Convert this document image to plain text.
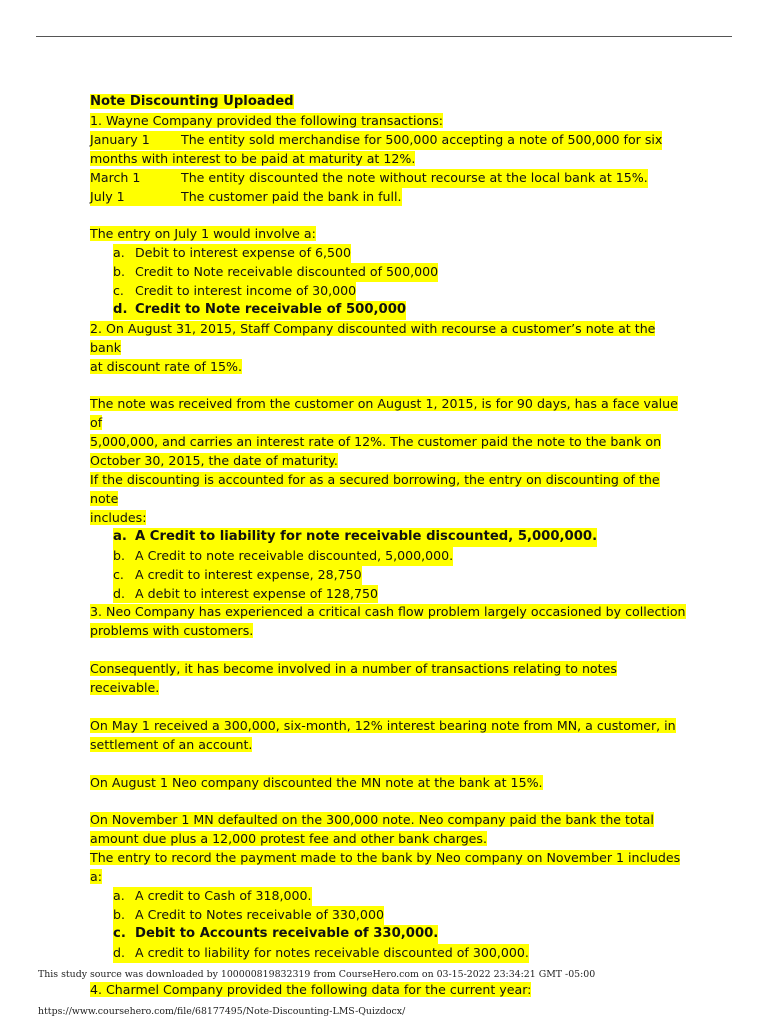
Note Discounting Uploaded
1. Wayne Company provided the following transactions:
January 1	The entity sold merchandise for 500,000 accepting a note of 500,000 for six
months with interest to be paid at maturity at 12%.
March 1	The entity discounted the note without recourse at the local bank at 15%.
July 1	The customer paid the bank in full.
The entry on July 1 would involve a:
a. Debit to interest expense of 6,500
b. Credit to Note receivable discounted of 500,000
c. Credit to interest income of 30,000
d. Credit to Note receivable of 500,000
2. On August 31, 2015, Staff Company discounted with recourse a customer’s note at the bank
at discount rate of 15%.
The note was received from the customer on August 1, 2015, is for 90 days, has a face value of
5,000,000, and carries an interest rate of 12%. The customer paid the note to the bank on
October 30, 2015, the date of maturity.
If the discounting is accounted for as a secured borrowing, the entry on discounting of the note
includes:
a. A Credit to liability for note receivable discounted, 5,000,000.
b. A Credit to note receivable discounted, 5,000,000.
c. A credit to interest expense, 28,750
d. A debit to interest expense of 128,750
3. Neo Company has experienced a critical cash flow problem largely occasioned by collection
problems with customers.
Consequently, it has become involved in a number of transactions relating to notes receivable.
On May 1 received a 300,000, six-month, 12% interest bearing note from MN, a customer, in
settlement of an account.
On August 1 Neo company discounted the MN note at the bank at 15%.
On November 1 MN defaulted on the 300,000 note. Neo company paid the bank the total
amount due plus a 12,000 protest fee and other bank charges.
The entry to record the payment made to the bank by Neo company on November 1 includes
a:
a. A credit to Cash of 318,000.
b. A Credit to Notes receivable of 330,000
c. Debit to Accounts receivable of 330,000.
d. A credit to liability for notes receivable discounted of 300,000.
4. Charmel Company provided the following data for the current year:
This study source was downloaded by 100000819832319 from CourseHero.com on 03-15-2022 23:34:21 GMT -05:00
https://www.coursehero.com/file/68177495/Note-Discounting-LMS-Quizdocx/
